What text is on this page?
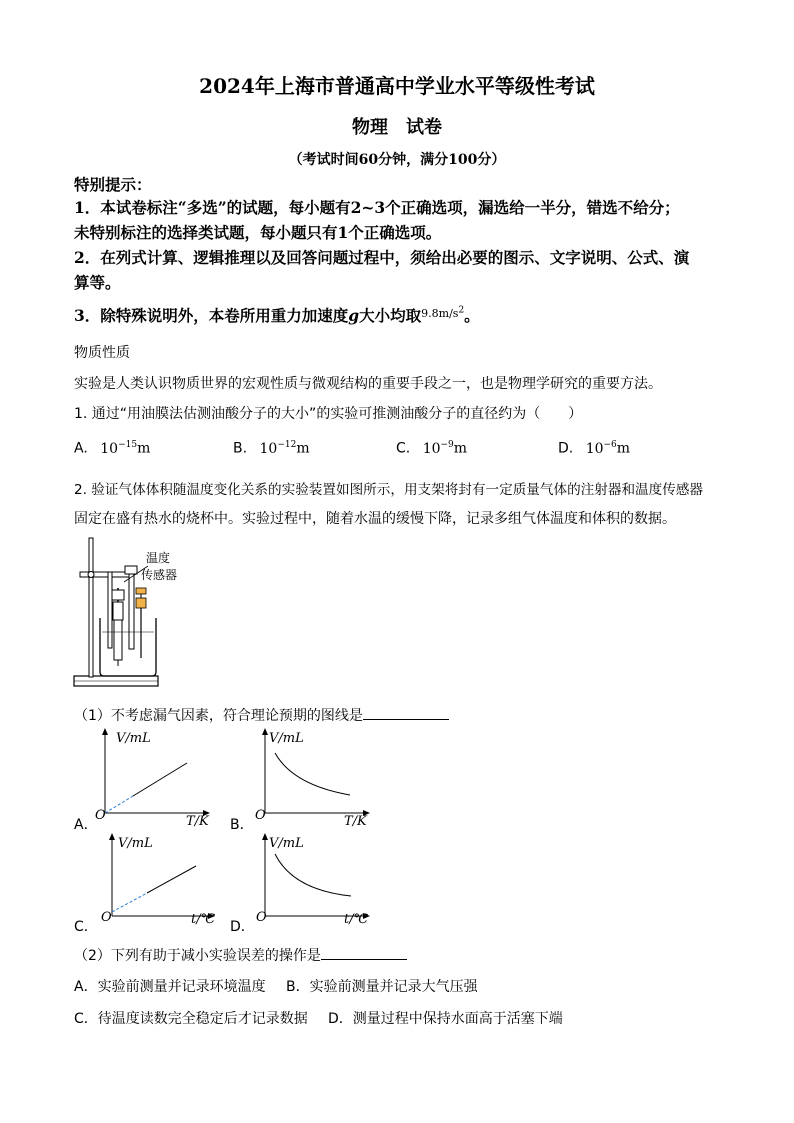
2024年上海市普通高中学业水平等级性考试
物理　试卷
（考试时间60分钟，满分100分）
特别提示：
1．本试卷标注“多选”的试题，每小题有2~3个正确选项，漏选给一半分，错选不给分；
未特别标注的选择类试题，每小题只有1个正确选项。
2．在列式计算、逻辑推理以及回答问题过程中，须给出必要的图示、文字说明、公式、演
算等。
3．除特殊说明外，本卷所用重力加速度g大小均取$^{9.8m/s^2}$。
物质性质
实验是人类认识物质世界的宏观性质与微观结构的重要手段之一，也是物理学研究的重要方法。
1. 通过“用油膜法估测油酸分子的大小”的实验可推测油酸分子的直径约为（　　）
A. $10^{-15}m$	B. $10^{-12}m$	C. $10^{-9}m$	D. $10^{-6}m$
2. 验证气体体积随温度变化关系的实验装置如图所示，用支架将封有一定质量气体的注射器和温度传感器
固定在盛有热水的烧杯中。实验过程中，随着水温的缓慢下降，记录多组气体温度和体积的数据。
温度
传感器
（1）不考虑漏气因素，符合理论预期的图线是
V/mL
O	T/K
A．
V/mL
O	T/K
B．
V/mL
O	t/℃
C．
V/mL
O	t/℃
D．
（2）下列有助于减小实验误差的操作是
A．实验前测量并记录环境温度 B．实验前测量并记录大气压强
C．待温度读数完全稳定后才记录数据 D．测量过程中保持水面高于活塞下端
